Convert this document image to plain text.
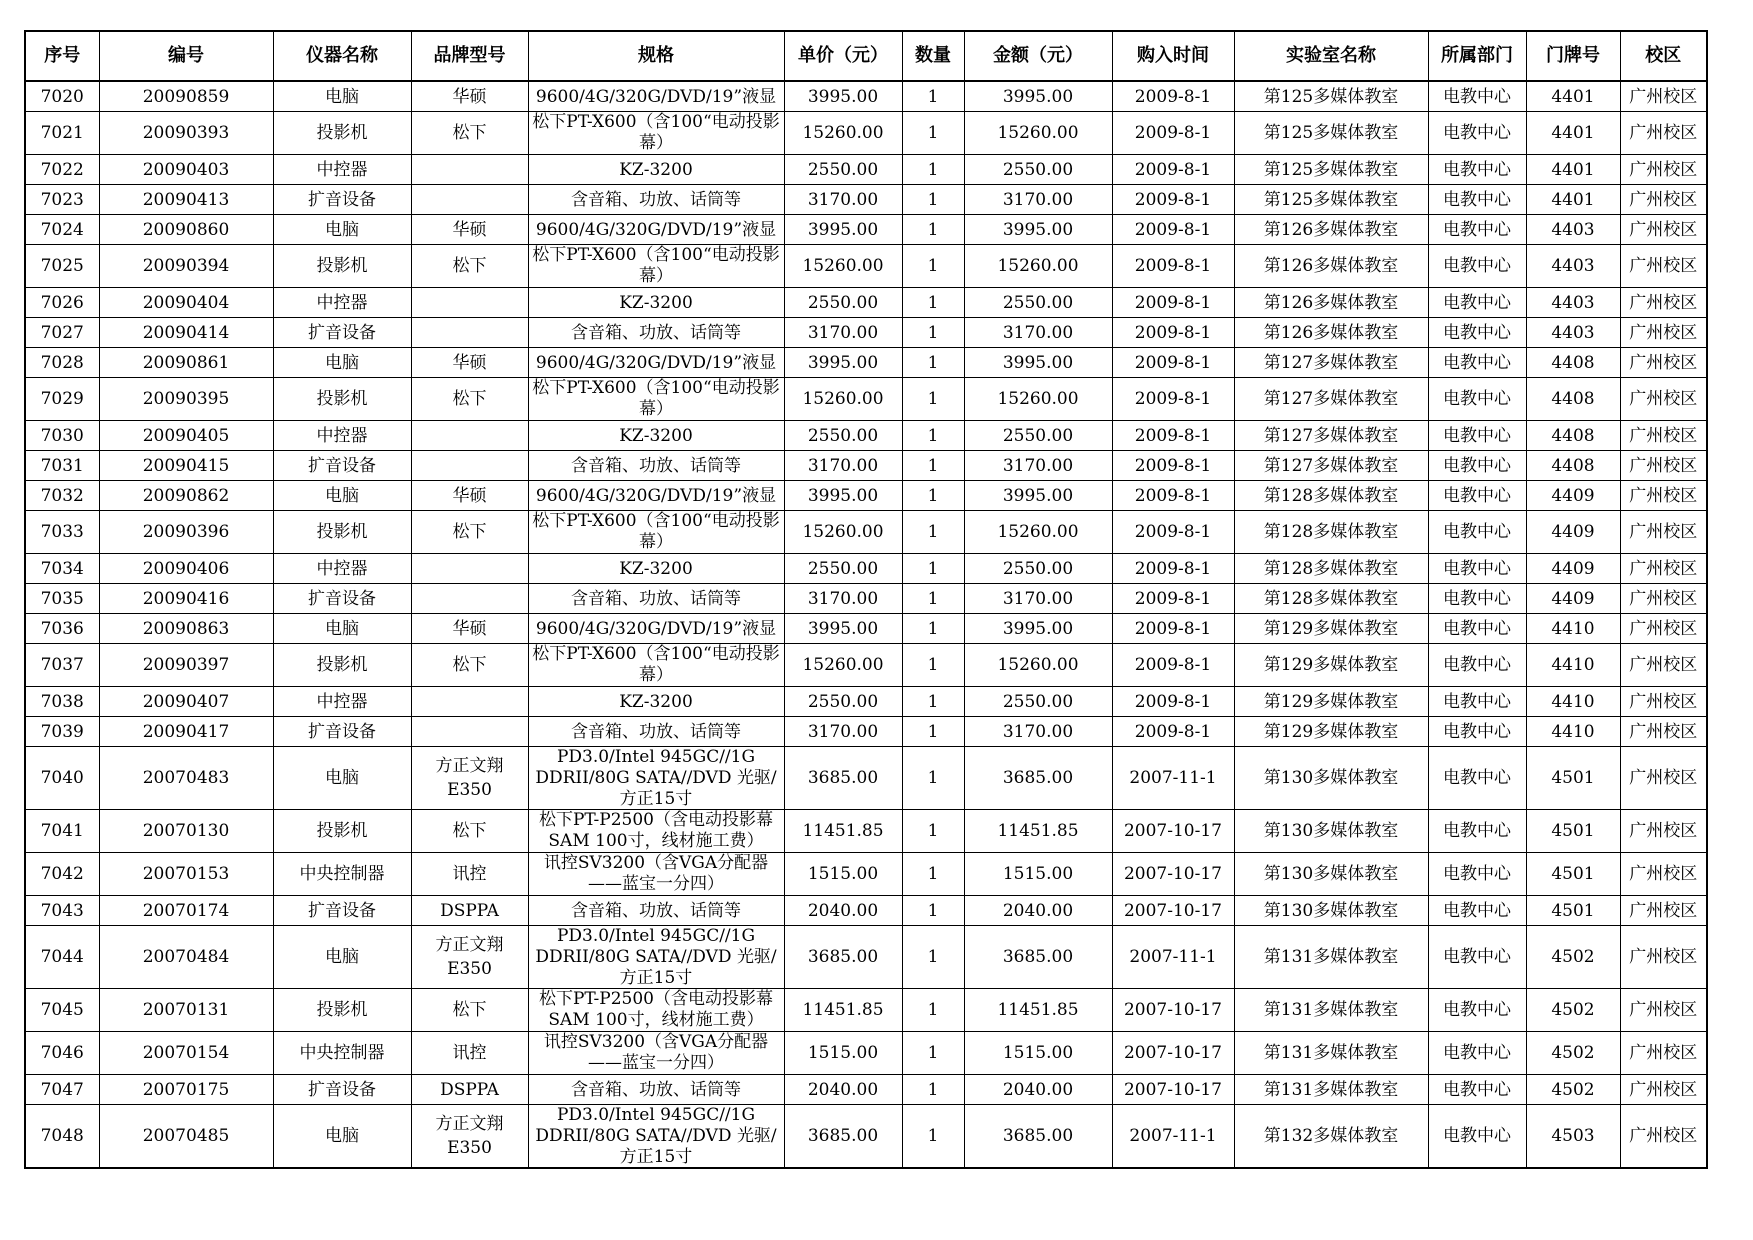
序号	编号	仪器名称	品牌型号	规格	单价（元）	数量	金额（元）	购入时间	实验室名称	所属部门	门牌号	校区

7020	20090859	电脑	华硕	9600/4G/320G/DVD/19”液显	3995.00	1	3995.00	2009-8-1	第125多媒体教室	电教中心	4401	广州校区

7021	20090393	投影机	松下	松下PT-X600（含100“电动投影幕）	15260.00	1	15260.00	2009-8-1	第125多媒体教室	电教中心	4401	广州校区

7022	20090403	中控器		KZ-3200	2550.00	1	2550.00	2009-8-1	第125多媒体教室	电教中心	4401	广州校区

7023	20090413	扩音设备		含音箱、功放、话筒等	3170.00	1	3170.00	2009-8-1	第125多媒体教室	电教中心	4401	广州校区

7024	20090860	电脑	华硕	9600/4G/320G/DVD/19”液显	3995.00	1	3995.00	2009-8-1	第126多媒体教室	电教中心	4403	广州校区

7025	20090394	投影机	松下	松下PT-X600（含100“电动投影幕）	15260.00	1	15260.00	2009-8-1	第126多媒体教室	电教中心	4403	广州校区

7026	20090404	中控器		KZ-3200	2550.00	1	2550.00	2009-8-1	第126多媒体教室	电教中心	4403	广州校区

7027	20090414	扩音设备		含音箱、功放、话筒等	3170.00	1	3170.00	2009-8-1	第126多媒体教室	电教中心	4403	广州校区

7028	20090861	电脑	华硕	9600/4G/320G/DVD/19”液显	3995.00	1	3995.00	2009-8-1	第127多媒体教室	电教中心	4408	广州校区

7029	20090395	投影机	松下	松下PT-X600（含100“电动投影幕）	15260.00	1	15260.00	2009-8-1	第127多媒体教室	电教中心	4408	广州校区

7030	20090405	中控器		KZ-3200	2550.00	1	2550.00	2009-8-1	第127多媒体教室	电教中心	4408	广州校区

7031	20090415	扩音设备		含音箱、功放、话筒等	3170.00	1	3170.00	2009-8-1	第127多媒体教室	电教中心	4408	广州校区

7032	20090862	电脑	华硕	9600/4G/320G/DVD/19”液显	3995.00	1	3995.00	2009-8-1	第128多媒体教室	电教中心	4409	广州校区

7033	20090396	投影机	松下	松下PT-X600（含100“电动投影幕）	15260.00	1	15260.00	2009-8-1	第128多媒体教室	电教中心	4409	广州校区

7034	20090406	中控器		KZ-3200	2550.00	1	2550.00	2009-8-1	第128多媒体教室	电教中心	4409	广州校区

7035	20090416	扩音设备		含音箱、功放、话筒等	3170.00	1	3170.00	2009-8-1	第128多媒体教室	电教中心	4409	广州校区

7036	20090863	电脑	华硕	9600/4G/320G/DVD/19”液显	3995.00	1	3995.00	2009-8-1	第129多媒体教室	电教中心	4410	广州校区

7037	20090397	投影机	松下	松下PT-X600（含100“电动投影幕）	15260.00	1	15260.00	2009-8-1	第129多媒体教室	电教中心	4410	广州校区

7038	20090407	中控器		KZ-3200	2550.00	1	2550.00	2009-8-1	第129多媒体教室	电教中心	4410	广州校区

7039	20090417	扩音设备		含音箱、功放、话筒等	3170.00	1	3170.00	2009-8-1	第129多媒体教室	电教中心	4410	广州校区

7040	20070483	电脑	方正文翔E350	PD3.0/Intel 945GC//1G DDRII/80G SATA//DVD 光驱/方正15寸	3685.00	1	3685.00	2007-11-1	第130多媒体教室	电教中心	4501	广州校区

7041	20070130	投影机	松下	松下PT-P2500（含电动投影幕SAM 100寸，线材施工费）	11451.85	1	11451.85	2007-10-17	第130多媒体教室	电教中心	4501	广州校区

7042	20070153	中央控制器	讯控	讯控SV3200（含VGA分配器——蓝宝一分四）	1515.00	1	1515.00	2007-10-17	第130多媒体教室	电教中心	4501	广州校区

7043	20070174	扩音设备	DSPPA	含音箱、功放、话筒等	2040.00	1	2040.00	2007-10-17	第130多媒体教室	电教中心	4501	广州校区

7044	20070484	电脑	方正文翔E350	PD3.0/Intel 945GC//1G DDRII/80G SATA//DVD 光驱/方正15寸	3685.00	1	3685.00	2007-11-1	第131多媒体教室	电教中心	4502	广州校区

7045	20070131	投影机	松下	松下PT-P2500（含电动投影幕SAM 100寸，线材施工费）	11451.85	1	11451.85	2007-10-17	第131多媒体教室	电教中心	4502	广州校区

7046	20070154	中央控制器	讯控	讯控SV3200（含VGA分配器——蓝宝一分四）	1515.00	1	1515.00	2007-10-17	第131多媒体教室	电教中心	4502	广州校区

7047	20070175	扩音设备	DSPPA	含音箱、功放、话筒等	2040.00	1	2040.00	2007-10-17	第131多媒体教室	电教中心	4502	广州校区

7048	20070485	电脑	方正文翔E350	PD3.0/Intel 945GC//1G DDRII/80G SATA//DVD 光驱/方正15寸	3685.00	1	3685.00	2007-11-1	第132多媒体教室	电教中心	4503	广州校区
